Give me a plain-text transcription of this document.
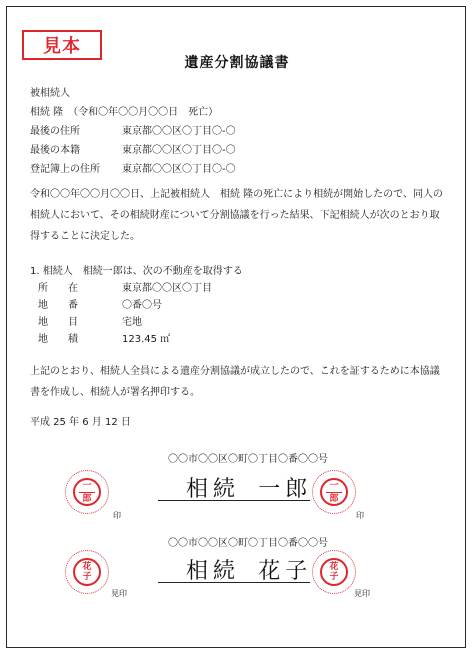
見本
遺産分割協議書
被相続人
相続 隆　（令和〇年〇〇月〇〇日　死亡）
最後の住所	東京都〇〇区〇丁目〇-〇
最後の本籍	東京都〇〇区〇丁目〇-〇
登記簿上の住所 東京都〇〇区〇丁目〇-〇
令和〇〇年〇〇月〇〇日、上記被相続人　相続 隆の死亡により相続が開始したので、同人の
相続人において、その相続財産について分割協議を行った結果、下記相続人が次のとおり取
得することに決定した。
1. 相続人　相続一郎は、次の不動産を取得する
所　　在	東京都〇〇区〇丁目
地　　番	〇番〇号
地　　目	宅地
地　　積	123.45 ㎡
上記のとおり、相続人全員による遺産分割協議が成立したので、これを証するために本協議
書を作成し、相続人が署名押印する。
平成 25 年 6 月 12 日
〇〇市〇〇区〇町〇丁目〇番〇〇号
一
郎
印
相続 一郎 一
郎
印
〇〇市〇〇区〇町〇丁目〇番〇〇号
花
子
見印
相続 花子 花
子
見印
